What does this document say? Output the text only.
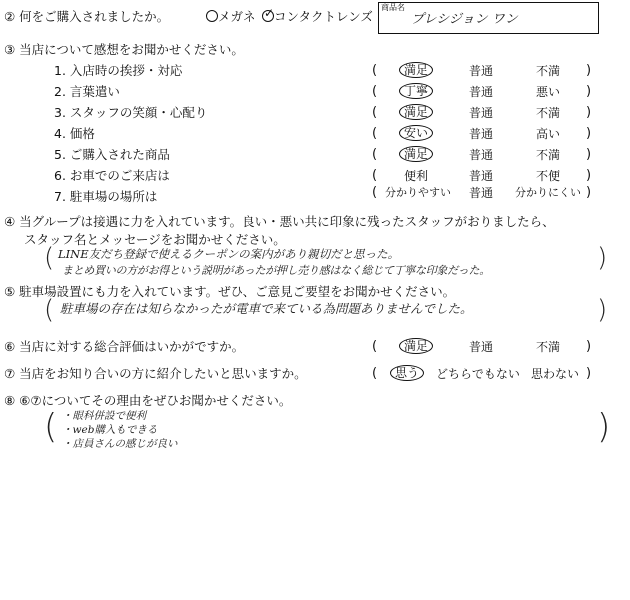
② 何をご購入されましたか。	メガネ ✓ コンタクトレンズ
商品名
プレシジョン ワン
③ 当店について感想をお聞かせください。
1. 入店時の挨拶・対応	( 満足	普通	不満 )
2. 言葉遣い	( 丁寧	普通	悪い )
3. スタッフの笑顔・心配り	( 満足	普通	不満 )
4. 価格	( 安い	普通	高い )
5. ご購入された商品	( 満足	普通	不満 )
6. お車でのご来店は	( 便利	普通	不便 )
7. 駐車場の場所は	( 分かりやすい 普通 分かりにくい )
④ 当グループは接遇に力を入れています。良い・悪い共に印象に残ったスタッフがおりましたら、
スタッフ名とメッセージをお聞かせください。
( LINE友だち登録で使えるクーポンの案内があり親切だと思った。
まとめ買いの方がお得という説明があったが押し売り感はなく総じて丁寧な印象だった。	)
⑤ 駐車場設置にも力を入れています。ぜひ、ご意見ご要望をお聞かせください。
( 駐車場の存在は知らなかったが電車で来ている為問題ありませんでした。	)
⑥ 当店に対する総合評価はいかがですか。	( 満足	普通	不満 )
⑦ 当店をお知り合いの方に紹介したいと思いますか。	( 思う	どちらでもない 思わない )
⑧ ⑥⑦についてその理由をぜひお聞かせください。
( ・眼科併設で便利
・web購入もできる
・店員さんの感じが良い	)
